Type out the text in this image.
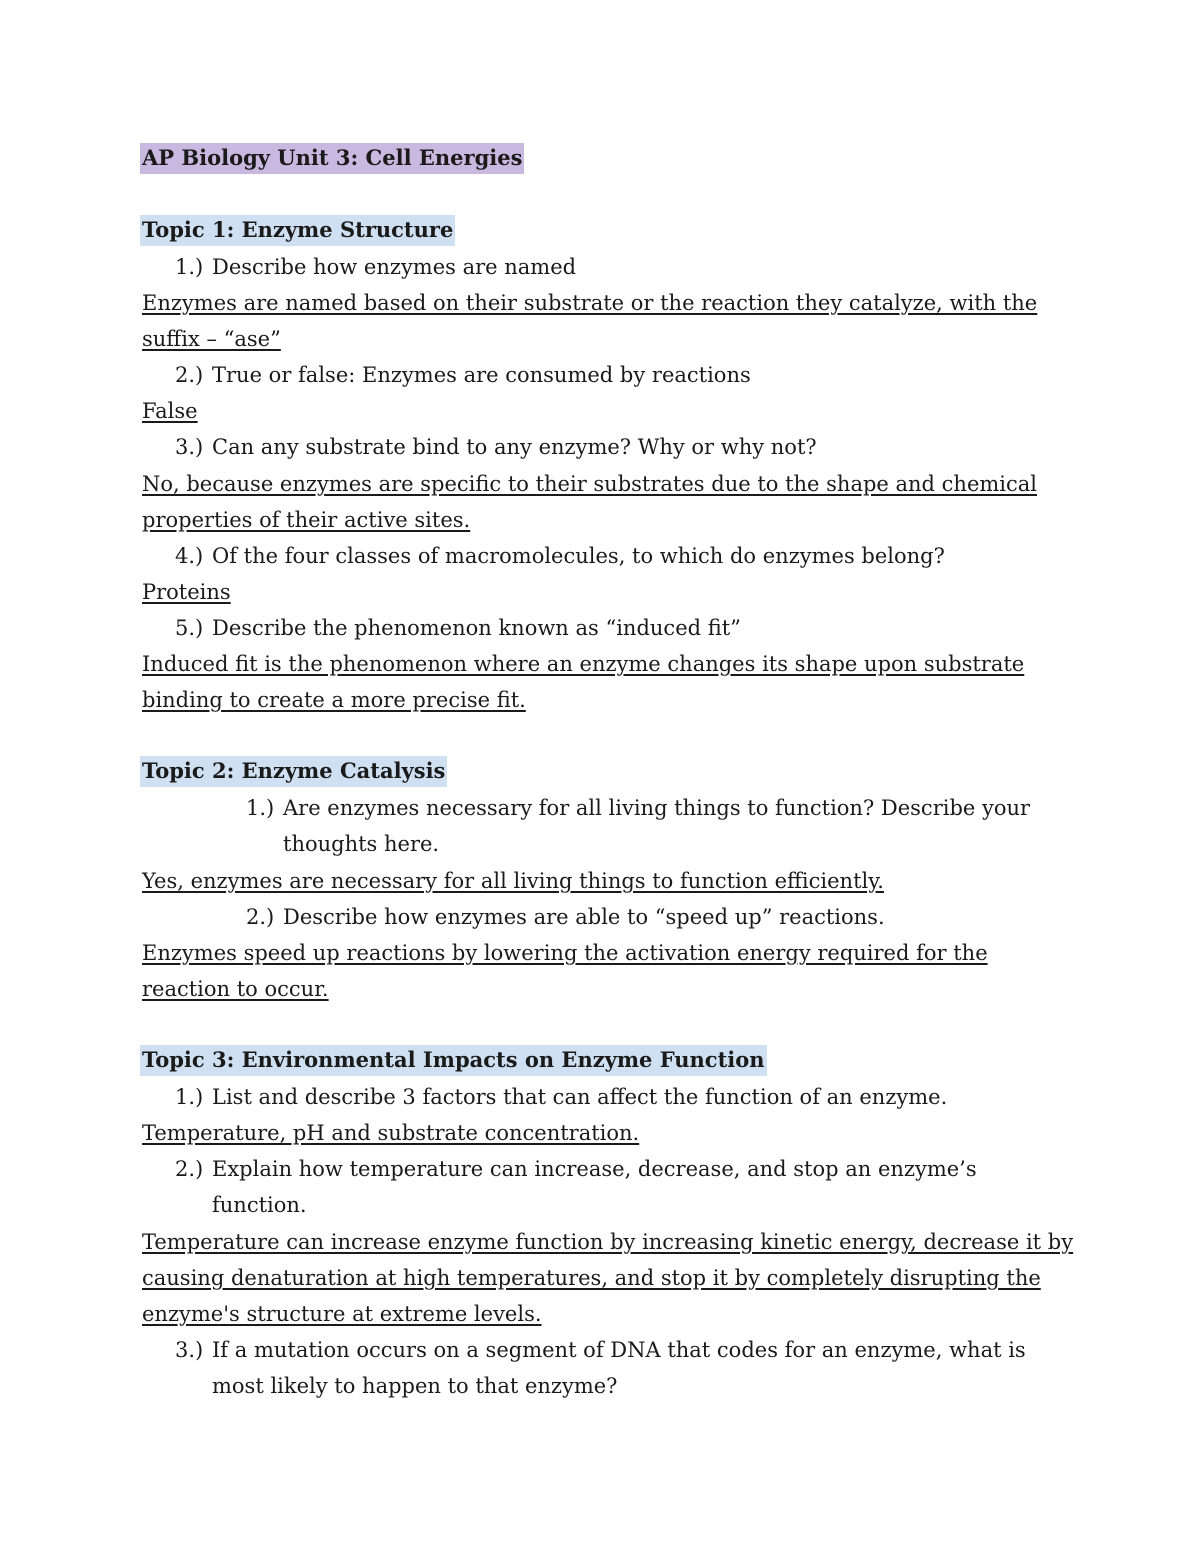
AP Biology Unit 3: Cell Energies
Topic 1: Enzyme Structure
1.) Describe how enzymes are named
Enzymes are named based on their substrate or the reaction they catalyze, with the
suffix – “ase”
2.) True or false: Enzymes are consumed by reactions
False
3.) Can any substrate bind to any enzyme? Why or why not?
No, because enzymes are specific to their substrates due to the shape and chemical
properties of their active sites.
4.) Of the four classes of macromolecules, to which do enzymes belong?
Proteins
5.) Describe the phenomenon known as “induced fit”
Induced fit is the phenomenon where an enzyme changes its shape upon substrate
binding to create a more precise fit.
Topic 2: Enzyme Catalysis
1.) Are enzymes necessary for all living things to function? Describe your
thoughts here.
Yes, enzymes are necessary for all living things to function efficiently.
2.) Describe how enzymes are able to “speed up” reactions.
Enzymes speed up reactions by lowering the activation energy required for the
reaction to occur.
Topic 3: Environmental Impacts on Enzyme Function
1.) List and describe 3 factors that can affect the function of an enzyme.
Temperature, pH and substrate concentration.
2.) Explain how temperature can increase, decrease, and stop an enzyme’s
function.
Temperature can increase enzyme function by increasing kinetic energy, decrease it by
causing denaturation at high temperatures, and stop it by completely disrupting the
enzyme's structure at extreme levels.
3.) If a mutation occurs on a segment of DNA that codes for an enzyme, what is
most likely to happen to that enzyme?
